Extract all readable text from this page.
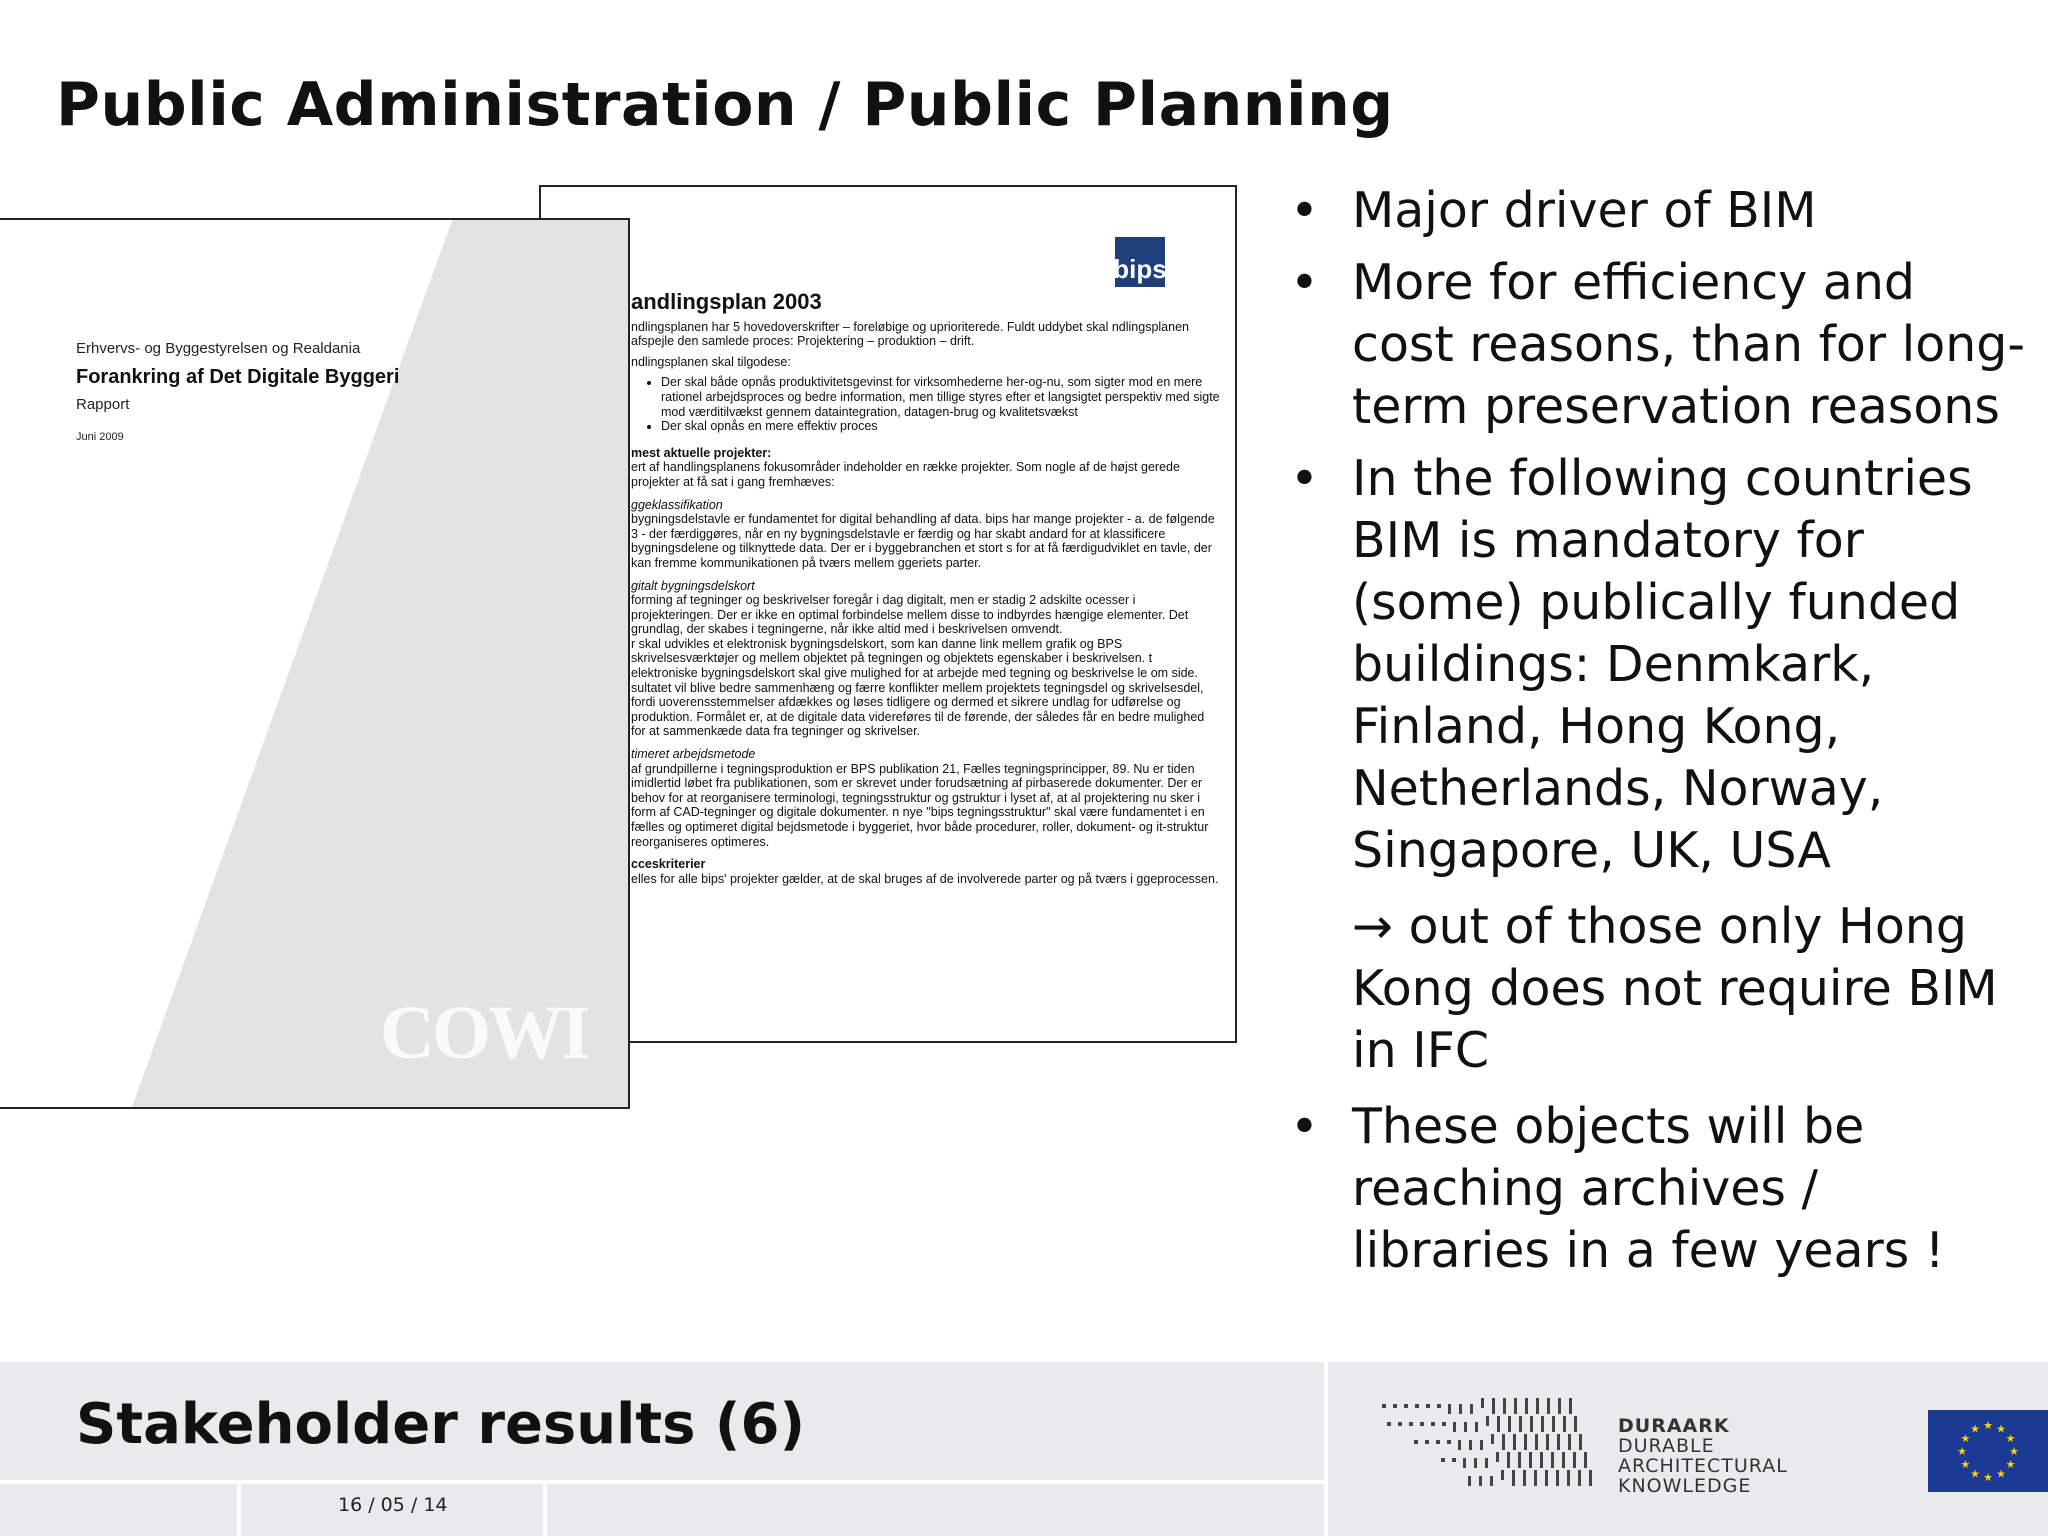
Public Administration / Public Planning
bips
andlingsplan 2003

ndlingsplanen har 5 hovedoverskrifter – foreløbige og uprioriterede. Fuldt uddybet skal ndlingsplanen afspejle den samlede proces: Projektering – produktion – drift.

ndlingsplanen skal tilgodese:

• Der skal både opnås produktivitetsgevinst for virksomhederne her-og-nu, som sigter mod en mere rationel arbejdsproces og bedre information, men tillige styres efter et langsigtet perspektiv med sigte mod værditilvækst gennem dataintegration, datagen-brug og kvalitetsvækst
• Der skal opnås en mere effektiv proces

mest aktuelle projekter:

ert af handlingsplanens fokusområder indeholder en række projekter. Som nogle af de højst gerede projekter at få sat i gang fremhæves:

ggeklassifikation

bygningsdelstavle er fundamentet for digital behandling af data. bips har mange projekter - a. de følgende 3 - der færdiggøres, når en ny bygningsdelstavle er færdig og har skabt andard for at klassificere bygningsdelene og tilknyttede data. Der er i byggebranchen et stort s for at få færdigudviklet en tavle, der kan fremme kommunikationen på tværs mellem ggeriets parter.

gitalt bygningsdelskort

forming af tegninger og beskrivelser foregår i dag digitalt, men er stadig 2 adskilte ocesser i projekteringen. Der er ikke en optimal forbindelse mellem disse to indbyrdes hængige elementer. Det grundlag, der skabes i tegningerne, når ikke altid med i beskrivelsen omvendt.

r skal udvikles et elektronisk bygningsdelskort, som kan danne link mellem grafik og BPS skrivelsesværktøjer og mellem objektet på tegningen og objektets egenskaber i beskrivelsen. t elektroniske bygningsdelskort skal give mulighed for at arbejde med tegning og beskrivelse le om side.

sultatet vil blive bedre sammenhæng og færre konflikter mellem projektets tegningsdel og skrivelsesdel, fordi uoverensstemmelser afdækkes og løses tidligere og dermed et sikrere undlag for udførelse og produktion. Formålet er, at de digitale data videreføres til de førende, der således får en bedre mulighed for at sammenkæde data fra tegninger og skrivelser.

timeret arbejdsmetode

af grundpillerne i tegningsproduktion er BPS publikation 21, Fælles tegningsprincipper, 89. Nu er tiden imidlertid løbet fra publikationen, som er skrevet under forudsætning af pirbaserede dokumenter. Der er behov for at reorganisere terminologi, tegningsstruktur og gstruktur i lyset af, at al projektering nu sker i form af CAD-tegninger og digitale dokumenter. n nye "bips tegningsstruktur" skal være fundamentet i en fælles og optimeret digital bejdsmetode i byggeriet, hvor både procedurer, roller, dokument- og it-struktur reorganiseres optimeres.

cceskriterier

elles for alle bips' projekter gælder, at de skal bruges af de involverede parter og på tværs i ggeprocessen.

Erhvervs- og Byggestyrelsen og Realdania
Forankring af Det Digitale Byggeri
Rapport
Juni 2009
COWI
• Major driver of BIM
• More for efficiency and cost reasons, than for long-term preservation reasons
• In the following countries BIM is mandatory for (some) publically funded buildings: Denmkark, Finland, Hong Kong, Netherlands, Norway, Singapore, UK, USA
→ out of those only Hong Kong does not require BIM in IFC
• These objects will be reaching archives / libraries in a few years !
Stakeholder results (6)
16 / 05 / 14
DURAARK
DURABLE
ARCHITECTURAL
KNOWLEDGE
★
★
★
★
★
★
★
★
★ ★ ★
★
